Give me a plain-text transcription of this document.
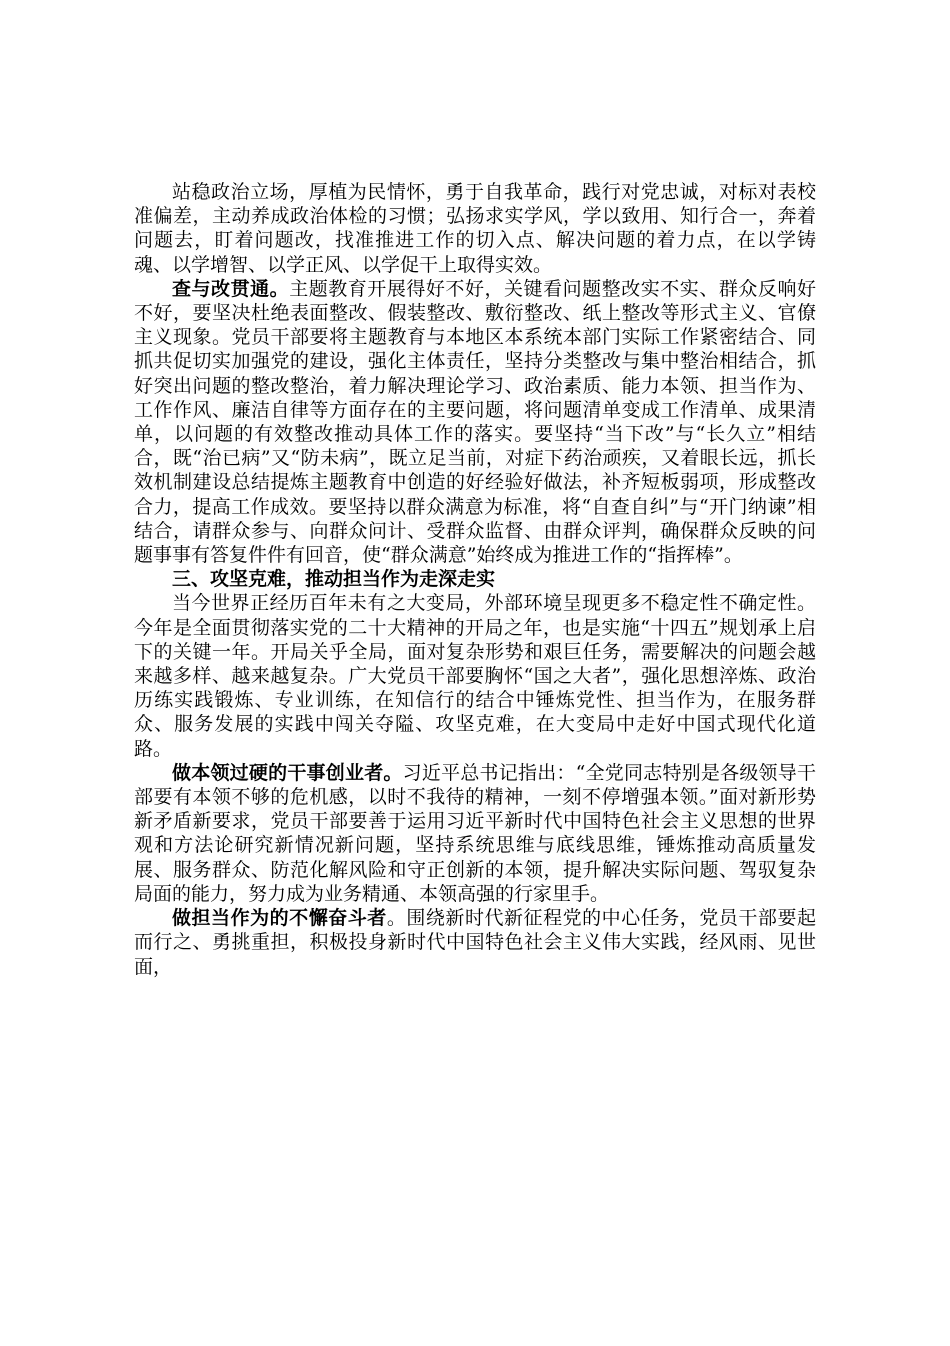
站稳政治立场，厚植为民情怀，勇于自我革命，践行对党忠诚，对标对表校准偏差，主动养成政治体检的习惯；弘扬求实学风，学以致用、知行合一，奔着问题去，盯着问题改，找准推进工作的切入点、解决问题的着力点，在以学铸魂、以学增智、以学正风、以学促干上取得实效。

查与改贯通。主题教育开展得好不好，关键看问题整改实不实、群众反响好不好，要坚决杜绝表面整改、假装整改、敷衍整改、纸上整改等形式主义、官僚主义现象。党员干部要将主题教育与本地区本系统本部门实际工作紧密结合、同抓共促切实加强党的建设，强化主体责任，坚持分类整改与集中整治相结合，抓好突出问题的整改整治，着力解决理论学习、政治素质、能力本领、担当作为、工作作风、廉洁自律等方面存在的主要问题，将问题清单变成工作清单、成果清单，以问题的有效整改推动具体工作的落实。要坚持“当下改”与“长久立”相结合，既“治已病”又“防未病”，既立足当前，对症下药治顽疾，又着眼长远，抓长效机制建设总结提炼主题教育中创造的好经验好做法，补齐短板弱项，形成整改合力，提高工作成效。要坚持以群众满意为标准，将“自查自纠”与“开门纳谏”相结合，请群众参与、向群众问计、受群众监督、由群众评判，确保群众反映的问题事事有答复件件有回音，使“群众满意”始终成为推进工作的“指挥棒”。

三、攻坚克难，推动担当作为走深走实

当今世界正经历百年未有之大变局，外部环境呈现更多不稳定性不确定性。今年是全面贯彻落实党的二十大精神的开局之年，也是实施“十四五”规划承上启下的关键一年。开局关乎全局，面对复杂形势和艰巨任务，需要解决的问题会越来越多样、越来越复杂。广大党员干部要胸怀“国之大者”，强化思想淬炼、政治历练实践锻炼、专业训练，在知信行的结合中锤炼党性、担当作为，在服务群众、服务发展的实践中闯关夺隘、攻坚克难，在大变局中走好中国式现代化道路。

做本领过硬的干事创业者。习近平总书记指出：“全党同志特别是各级领导干部要有本领不够的危机感，以时不我待的精神，一刻不停增强本领。”面对新形势新矛盾新要求，党员干部要善于运用习近平新时代中国特色社会主义思想的世界观和方法论研究新情况新问题，坚持系统思维与底线思维，锤炼推动高质量发展、服务群众、防范化解风险和守正创新的本领，提升解决实际问题、驾驭复杂局面的能力，努力成为业务精通、本领高强的行家里手。

做担当作为的不懈奋斗者。围绕新时代新征程党的中心任务，党员干部要起而行之、勇挑重担，积极投身新时代中国特色社会主义伟大实践，经风雨、见世面，
